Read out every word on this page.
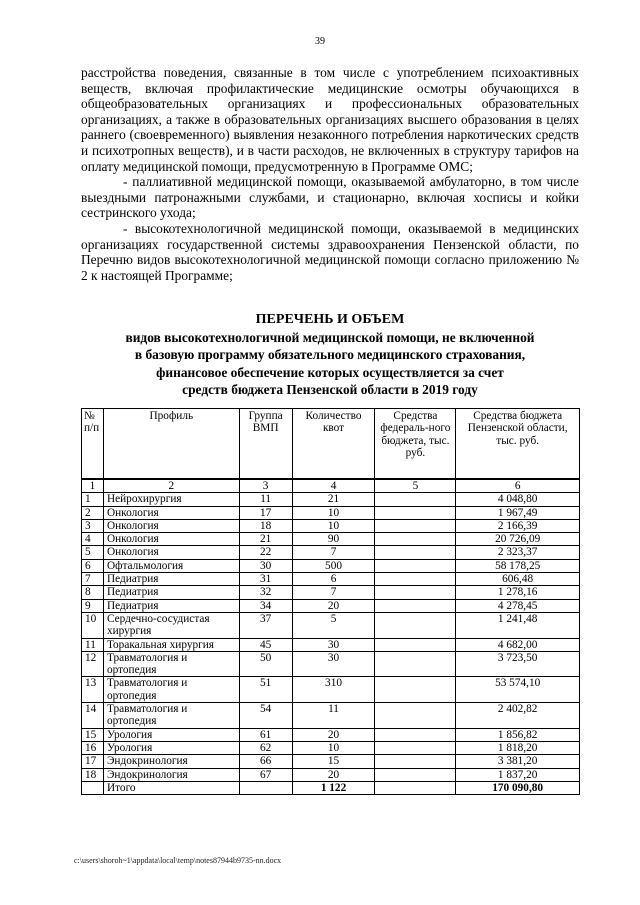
39

расстройства поведения, связанные в том числе с употреблением психоактивных веществ, включая профилактические медицинские осмотры обучающихся в общеобразовательных организациях и профессиональных образовательных организациях, а также в образовательных организациях высшего образования в целях раннего (своевременного) выявления незаконного потребления наркотических средств и психотропных веществ), и в части расходов, не включенных в структуру тарифов на оплату медицинской помощи, предусмотренную в Программе ОМС;

- паллиативной медицинской помощи, оказываемой амбулаторно, в том числе выездными патронажными службами, и стационарно, включая хосписы и койки сестринского ухода;

- высокотехнологичной медицинской помощи, оказываемой в медицинских организациях государственной системы здравоохранения Пензенской области, по Перечню видов высокотехнологичной медицинской помощи согласно приложению № 2 к настоящей Программе;

ПЕРЕЧЕНЬ И ОБЪЕМ
видов высокотехнологичной медицинской помощи, не включенной
в базовую программу обязательного медицинского страхования,
финансовое обеспечение которых осуществляется за счет
средств бюджета Пензенской области в 2019 году
№ п/п	Профиль	Группа ВМП	Количество квот	Средства федераль-ного бюджета, тыс. руб.	Средства бюджета Пензенской области, тыс. руб.
1	2	3	4	5	6
1	Нейрохирургия	11	21		4 048,80
2	Онкология	17	10		1 967,49
3	Онкология	18	10		2 166,39
4	Онкология	21	90		20 726,09
5	Онкология	22	7		2 323,37
6	Офтальмология	30	500		58 178,25
7	Педиатрия	31	6		606,48
8	Педиатрия	32	7		1 278,16
9	Педиатрия	34	20		4 278,45
10	Сердечно-сосудистая хирургия	37	5		1 241,48
11	Торакальная хирургия	45	30		4 682,00
12	Травматология и ортопедия	50	30		3 723,50
13	Травматология и ортопедия	51	310		53 574,10
14	Травматология и ортопедия	54	11		2 402,82
15	Урология	61	20		1 856,82
16	Урология	62	10		1 818,20
17	Эндокринология	66	15		3 381,20
18	Эндокринология	67	20		1 837,20
	Итого		1 122		170 090,80
c:\users\shoroh~1\appdata\local\temp\notes87944b9735-nn.docx
